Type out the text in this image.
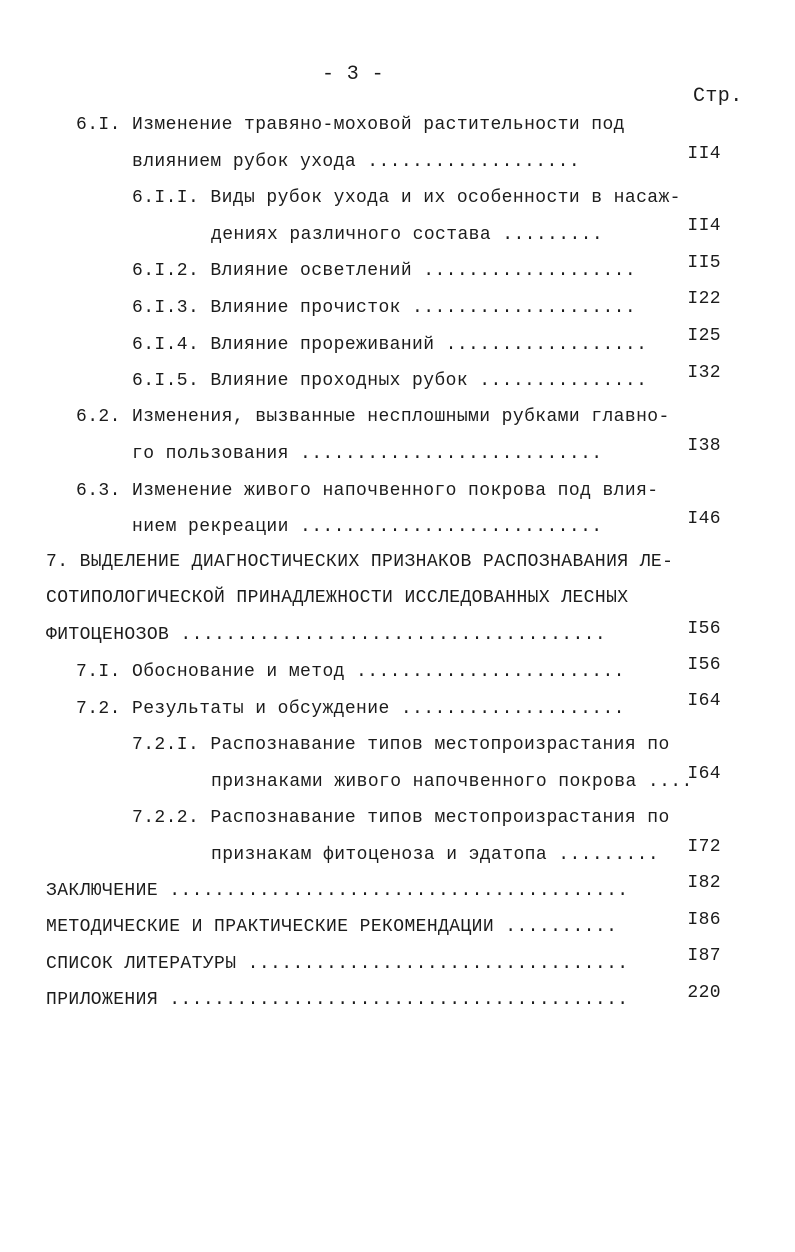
- 3 -
Стр.
6.I. Изменение травяно-моховой растительности под
влиянием рубок ухода ...................	II4
6.I.I. Виды рубок ухода и их особенности в насаж-
дениях различного состава .........	II4
6.I.2. Влияние осветлений ...................	II5
6.I.3. Влияние прочисток ....................	I22
6.I.4. Влияние прореживаний .................. I25
6.I.5. Влияние проходных рубок ............... I32
6.2. Изменения, вызванные несплошными рубками главно-
го пользования ...........................	I38
6.3. Изменение живого напочвенного покрова под влия-
нием рекреации ...........................	I46
7. ВЫДЕЛЕНИЕ ДИАГНОСТИЧЕСКИХ ПРИЗНАКОВ РАСПОЗНАВАНИЯ ЛЕ-
СОТИПОЛОГИЧЕСКОЙ ПРИНАДЛЕЖНОСТИ ИССЛЕДОВАННЫХ ЛЕСНЫХ
ФИТОЦЕНОЗОВ ......................................	I56
7.I. Обоснование и метод ........................	I56
7.2. Результаты и обсуждение ....................	I64
7.2.I. Распознавание типов местопроизрастания по
признаками живого напочвенного покрова ....
I64
7.2.2. Распознавание типов местопроизрастания по
признакам фитоценоза и эдатопа ......... I72
ЗАКЛЮЧЕНИЕ .........................................	I82
МЕТОДИЧЕСКИЕ И ПРАКТИЧЕСКИЕ РЕКОМЕНДАЦИИ ..........	I86
СПИСОК ЛИТЕРАТУРЫ ..................................	I87
ПРИЛОЖЕНИЯ .........................................	220
